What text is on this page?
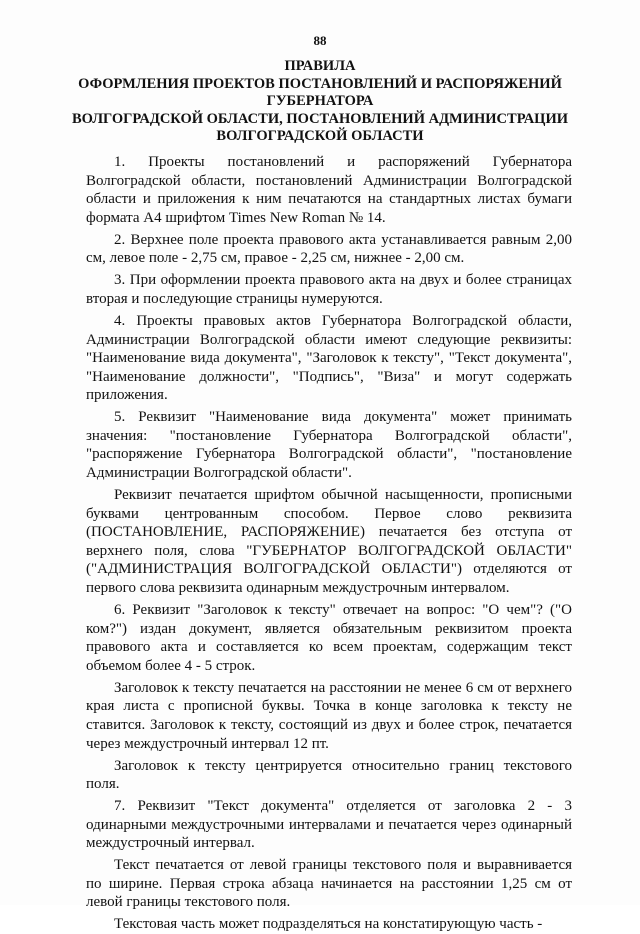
88
ПРАВИЛА
ОФОРМЛЕНИЯ ПРОЕКТОВ ПОСТАНОВЛЕНИЙ И РАСПОРЯЖЕНИЙ
ГУБЕРНАТОРА
ВОЛГОГРАДСКОЙ ОБЛАСТИ, ПОСТАНОВЛЕНИЙ АДМИНИСТРАЦИИ
ВОЛГОГРАДСКОЙ ОБЛАСТИ

1. Проекты постановлений и распоряжений Губернатора Волгоградской области, постановлений Администрации Волгоградской области и приложения к ним печатаются на стандартных листах бумаги формата А4 шрифтом Times New Roman № 14.

2. Верхнее поле проекта правового акта устанавливается равным 2,00 см, левое поле - 2,75 см, правое - 2,25 см, нижнее - 2,00 см.

3. При оформлении проекта правового акта на двух и более страницах вторая и последующие страницы нумеруются.

4. Проекты правовых актов Губернатора Волгоградской области, Администрации Волгоградской области имеют следующие реквизиты: "Наименование вида документа", "Заголовок к тексту", "Текст документа", "Наименование должности", "Подпись", "Виза" и могут содержать приложения.

5. Реквизит "Наименование вида документа" может принимать значения: "постановление Губернатора Волгоградской области", "распоряжение Губернатора Волгоградской области", "постановление Администрации Волгоградской области".

Реквизит печатается шрифтом обычной насыщенности, прописными буквами центрованным способом. Первое слово реквизита (ПОСТАНОВЛЕНИЕ, РАСПОРЯЖЕНИЕ) печатается без отступа от верхнего поля, слова "ГУБЕРНАТОР ВОЛГОГРАДСКОЙ ОБЛАСТИ" ("АДМИНИСТРАЦИЯ ВОЛГОГРАДСКОЙ ОБЛАСТИ") отделяются от первого слова реквизита одинарным междустрочным интервалом.

6. Реквизит "Заголовок к тексту" отвечает на вопрос: "О чем"? ("О ком?") издан документ, является обязательным реквизитом проекта правового акта и составляется ко всем проектам, содержащим текст объемом более 4 - 5 строк.

Заголовок к тексту печатается на расстоянии не менее 6 см от верхнего края листа с прописной буквы. Точка в конце заголовка к тексту не ставится. Заголовок к тексту, состоящий из двух и более строк, печатается через междустрочный интервал 12 пт.

Заголовок к тексту центрируется относительно границ текстового поля.

7. Реквизит "Текст документа" отделяется от заголовка 2 - 3 одинарными междустрочными интервалами и печатается через одинарный междустрочный интервал.

Текст печатается от левой границы текстового поля и выравнивается по ширине. Первая строка абзаца начинается на расстоянии 1,25 см от левой границы текстового поля.

Текстовая часть может подразделяться на констатирующую часть -
